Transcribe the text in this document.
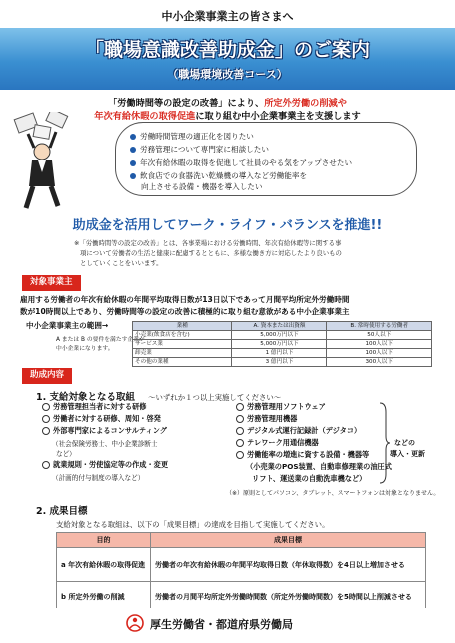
中小企業事業主の皆さまへ
「職場意識改善助成金」のご案内
（職場環境改善コース）
「労働時間等の設定の改善」により、所定外労働の削減や
年次有給休暇の取得促進に取り組む中小企業事業主を支援します
労働時間管理の適正化を図りたい
労務管理について専門家に相談したい
年次有給休暇の取得を促進して社員のやる気をアップさせたい
飲食店での食器洗い乾燥機の導入など労働能率を
向上させる設備・機器を導入したい
助成金を活用してワーク・ライフ・バランスを推進!!
※「労働時間等の設定の改善」とは、各事業場における労働時間、年次有給休暇等に関する事
項について労働者の生活と健康に配慮するとともに、多様な働き方に対応したより良いもの
としていくことをいいます。
対象事業主
雇用する労働者の年次有給休暇の年間平均取得日数が13日以下であって月間平均所定外労働時間
数が10時間以上であり、労働時間等の設定の改善に積極的に取り組む意欲がある中小企業事業主
中小企業事業主の範囲→
A または B の要件を満たす企業が
中小企業になります。
業種	A. 資本または出資額	B. 常時使用する労働者
小売業(飲食店を含む)	5,000万円以下	50人以下
サービス業	5,000万円以下	100人以下
卸売業	1 億円以下	100人以下
その他の業種	3 億円以下	300人以下
助成内容
1. 支給対象となる取組 〜いずれか１つ以上実施してください〜
労務管理担当者に対する研修
労働者に対する研修、周知・啓発
外部専門家によるコンサルティング
（社会保険労務士、中小企業診断士
など）
就業規則・労使協定等の作成・変更
（計画的付与制度の導入など）
労務管理用ソフトウェア
労務管理用機器
デジタル式運行記録計（デジタコ）
テレワーク用通信機器
労働能率の増進に資する設備・機器等
（小売業のPOS装置、自動車修理業の油圧式
リフト、運送業の自動洗車機など）
（※）原則としてパソコン、タブレット、スマートフォンは対象となりません。
などの
導入・更新
2. 成果目標
支給対象となる取組は、以下の「成果目標」の達成を目指して実施してください。
目的	成果目標
a 年次有給休暇の取得促進	労働者の年次有給休暇の年間平均取得日数（年休取得数）を4日以上増加させる
b 所定外労働の削減	労働者の月間平均所定外労働時間数（所定外労働時間数）を5時間以上削減させる
厚生労働省・都道府県労働局
